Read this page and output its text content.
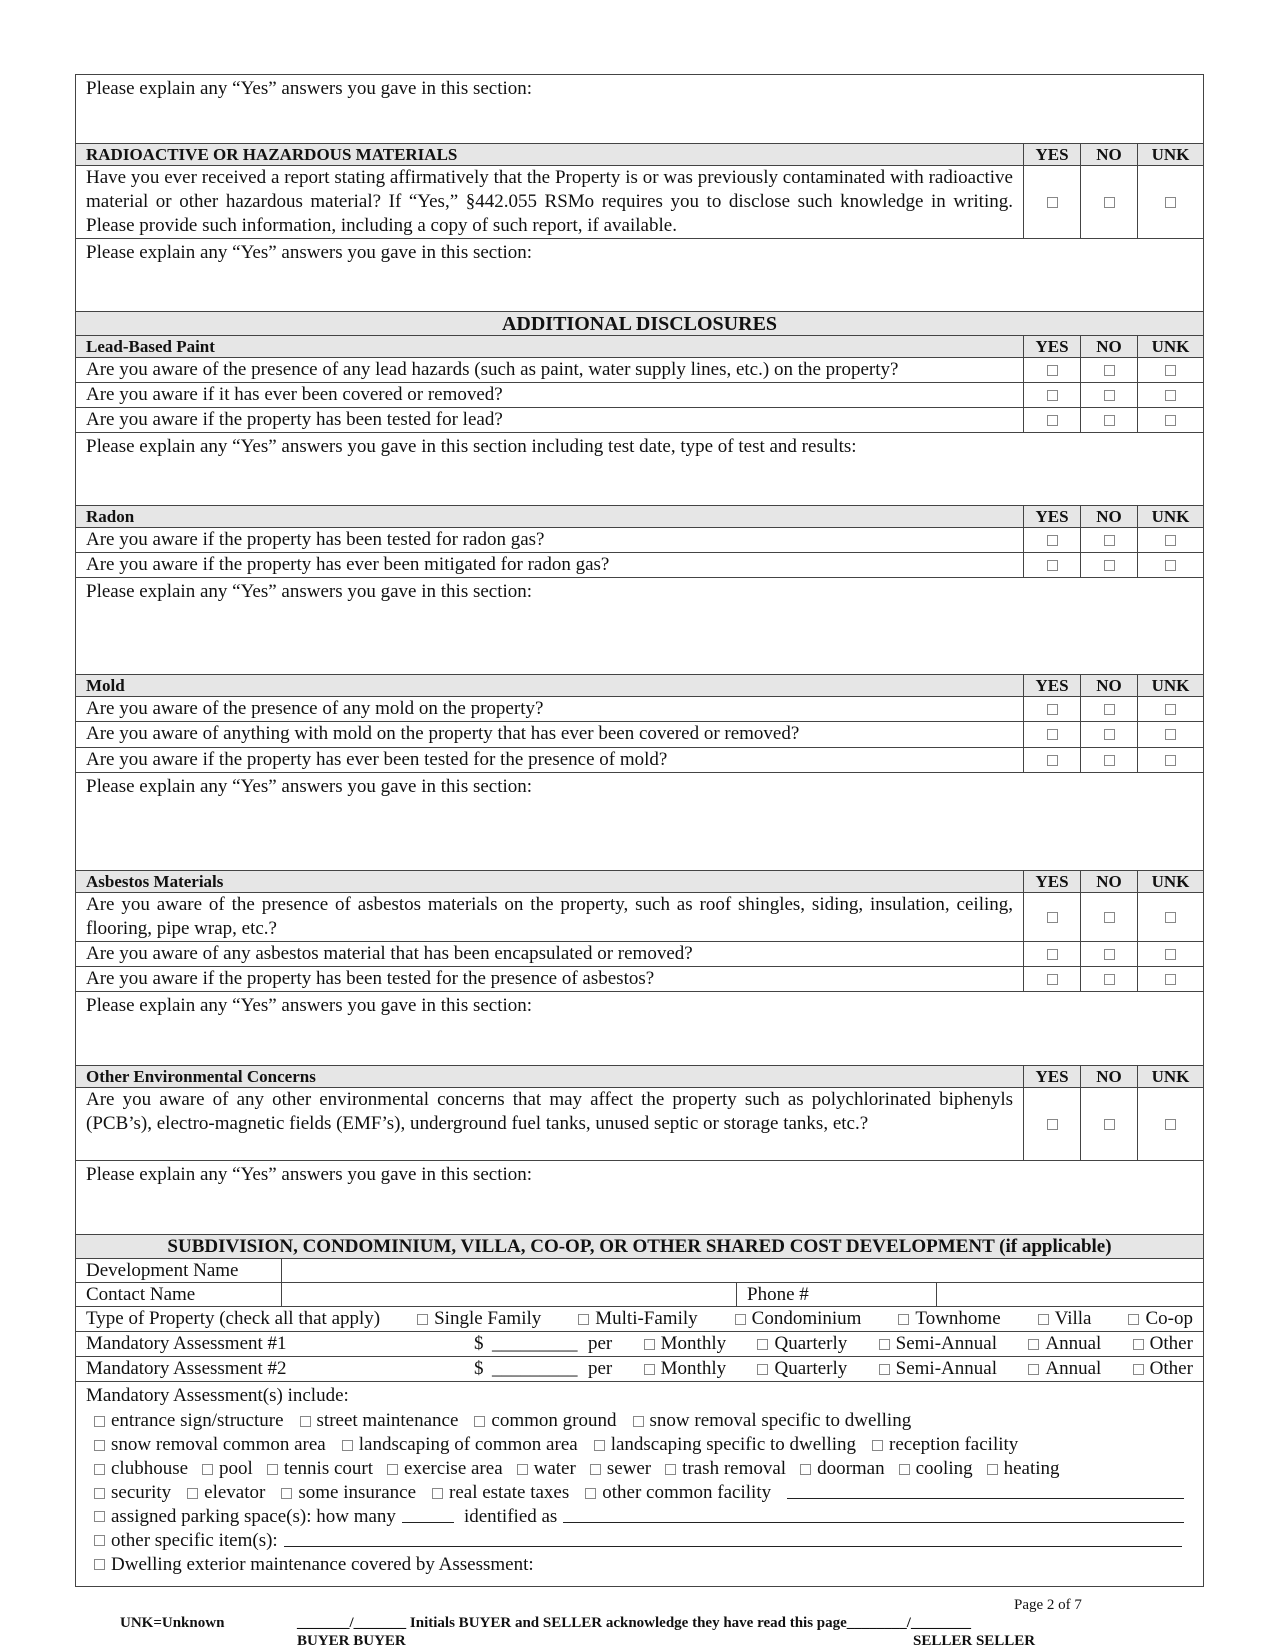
Please explain any “Yes” answers you gave in this section:
RADIOACTIVE OR HAZARDOUS MATERIALS	YES	NO	UNK
Have you ever received a report stating affirmatively that the Property is or was previously contaminated with radioactive material or other hazardous material? If “Yes,” §442.055 RSMo requires you to disclose such knowledge in writing. Please provide such information, including a copy of such report, if available.
Please explain any “Yes” answers you gave in this section:
ADDITIONAL DISCLOSURES
Lead-Based Paint	YES	NO	UNK
Are you aware of the presence of any lead hazards (such as paint, water supply lines, etc.) on the property?
Are you aware if it has ever been covered or removed?
Are you aware if the property has been tested for lead?
Please explain any “Yes” answers you gave in this section including test date, type of test and results:
Radon	YES	NO	UNK
Are you aware if the property has been tested for radon gas?
Are you aware if the property has ever been mitigated for radon gas?
Please explain any “Yes” answers you gave in this section:
Mold	YES	NO	UNK
Are you aware of the presence of any mold on the property?
Are you aware of anything with mold on the property that has ever been covered or removed?
Are you aware if the property has ever been tested for the presence of mold?
Please explain any “Yes” answers you gave in this section:
Asbestos Materials	YES	NO	UNK
Are you aware of the presence of asbestos materials on the property, such as roof shingles, siding, insulation, ceiling, flooring, pipe wrap, etc.?
Are you aware of any asbestos material that has been encapsulated or removed?
Are you aware if the property has been tested for the presence of asbestos?
Please explain any “Yes” answers you gave in this section:
Other Environmental Concerns	YES	NO	UNK
Are you aware of any other environmental concerns that may affect the property such as polychlorinated biphenyls (PCB’s), electro-magnetic fields (EMF’s), underground fuel tanks, unused septic or storage tanks, etc.?
Please explain any “Yes” answers you gave in this section:
SUBDIVISION, CONDOMINIUM, VILLA, CO-OP, OR OTHER SHARED COST DEVELOPMENT (if applicable)
Development Name
Contact Name	Phone #
Type of Property (check all that apply)	Single Family	Multi-Family	Condominium	Townhome	Villa	Co-op
Mandatory Assessment #1	$ _________ per	Monthly	Quarterly	Semi-Annual	Annual	Other
Mandatory Assessment #2	$ _________ per	Monthly	Quarterly	Semi-Annual	Annual	Other
Mandatory Assessment(s) include:
entrance sign/structure street maintenance common ground snow removal specific to dwelling
snow removal common area landscaping of common area landscaping specific to dwelling reception facility
clubhouse pool tennis court exercise area water sewer trash removal doorman cooling heating
security elevator some insurance real estate taxes other common facility
assigned parking space(s): how many	identified as
other specific item(s):
Dwelling exterior maintenance covered by Assessment:
Page 2 of 7
UNK=Unknown	_______/_______ Initials BUYER and SELLER acknowledge they have read this page________/________
BUYER BUYER	SELLER SELLER
